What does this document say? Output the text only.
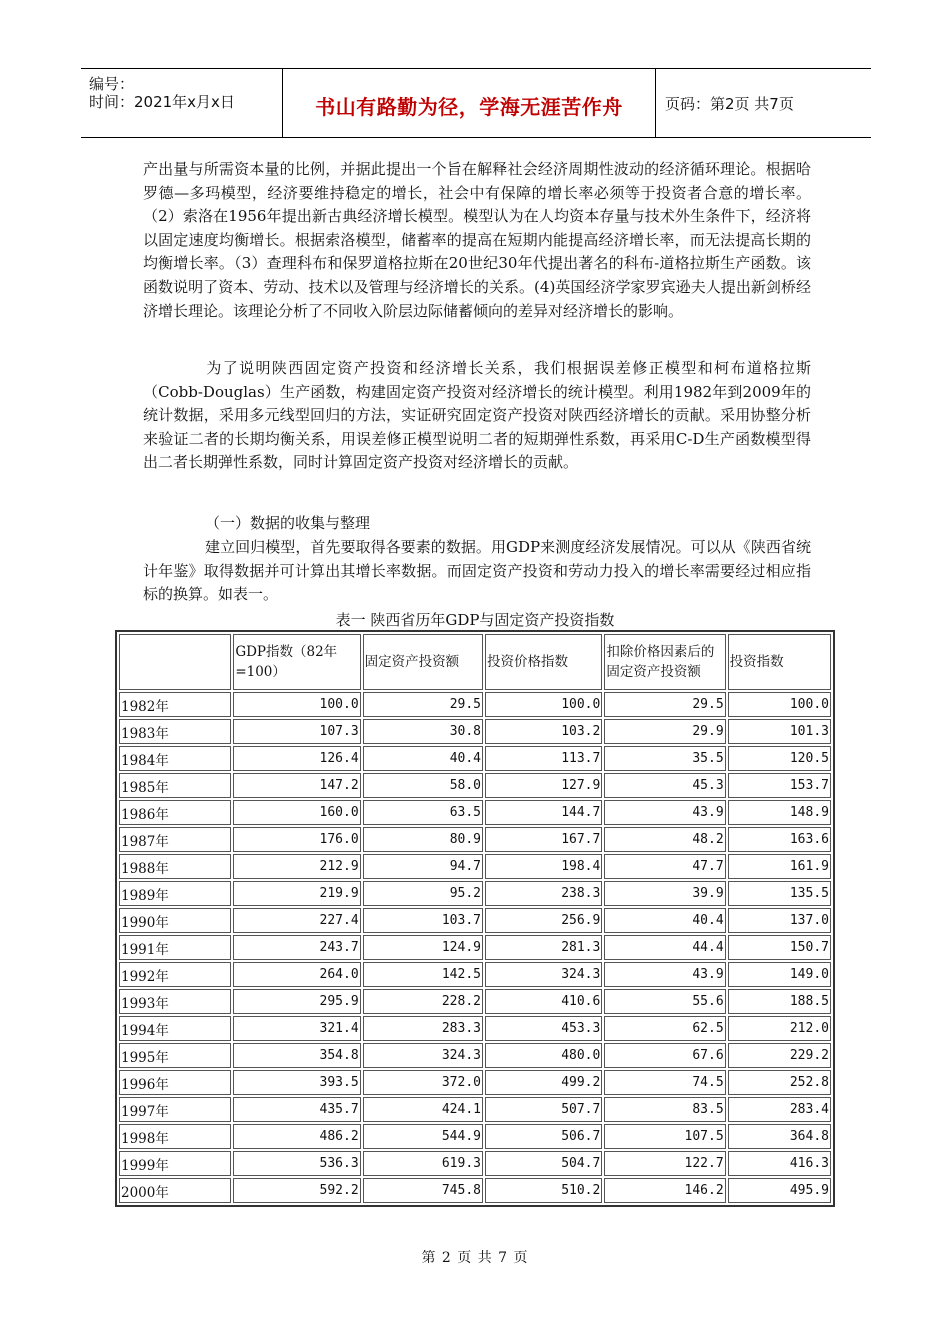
编号：
时间：2021年x月x日	书山有路勤为径，学海无涯苦作舟	页码：第2页 共7页
产出量与所需资本量的比例，并据此提出一个旨在解释社会经济周期性波动的经济循环理论。根据哈罗德—多玛模型，经济要维持稳定的增长，社会中有保障的增长率必须等于投资者合意的增长率。（2）索洛在1956年提出新古典经济增长模型。模型认为在人均资本存量与技术外生条件下，经济将以固定速度均衡增长。根据索洛模型，储蓄率的提高在短期内能提高经济增长率，而无法提高长期的均衡增长率。（3）查理科布和保罗道格拉斯在20世纪30年代提出著名的科布-道格拉斯生产函数。该函数说明了资本、劳动、技术以及管理与经济增长的关系。(4)英国经济学家罗宾逊夫人提出新剑桥经济增长理论。该理论分析了不同收入阶层边际储蓄倾向的差异对经济增长的影响。
为了说明陕西固定资产投资和经济增长关系，我们根据误差修正模型和柯布道格拉斯（Cobb-Douglas）生产函数，构建固定资产投资对经济增长的统计模型。利用1982年到2009年的统计数据，采用多元线型回归的方法，实证研究固定资产投资对陕西经济增长的贡献。采用协整分析来验证二者的长期均衡关系，用误差修正模型说明二者的短期弹性系数，再采用C-D生产函数模型得出二者长期弹性系数，同时计算固定资产投资对经济增长的贡献。
（一）数据的收集与整理
建立回归模型，首先要取得各要素的数据。用GDP来测度经济发展情况。可以从《陕西省统计年鉴》取得数据并可计算出其增长率数据。而固定资产投资和劳动力投入的增长率需要经过相应指标的换算。如表一。
表一 陕西省历年GDP与固定资产投资指数
	GDP指数（82年=100）	固定资产投资额	投资价格指数	扣除价格因素后的固定资产投资额	投资指数
1982年	100.0	29.5	100.0	29.5	100.0
1983年	107.3	30.8	103.2	29.9	101.3
1984年	126.4	40.4	113.7	35.5	120.5
1985年	147.2	58.0	127.9	45.3	153.7
1986年	160.0	63.5	144.7	43.9	148.9
1987年	176.0	80.9	167.7	48.2	163.6
1988年	212.9	94.7	198.4	47.7	161.9
1989年	219.9	95.2	238.3	39.9	135.5
1990年	227.4	103.7	256.9	40.4	137.0
1991年	243.7	124.9	281.3	44.4	150.7
1992年	264.0	142.5	324.3	43.9	149.0
1993年	295.9	228.2	410.6	55.6	188.5
1994年	321.4	283.3	453.3	62.5	212.0
1995年	354.8	324.3	480.0	67.6	229.2
1996年	393.5	372.0	499.2	74.5	252.8
1997年	435.7	424.1	507.7	83.5	283.4
1998年	486.2	544.9	506.7	107.5	364.8
1999年	536.3	619.3	504.7	122.7	416.3
2000年	592.2	745.8	510.2	146.2	495.9
第 2 页 共 7 页
